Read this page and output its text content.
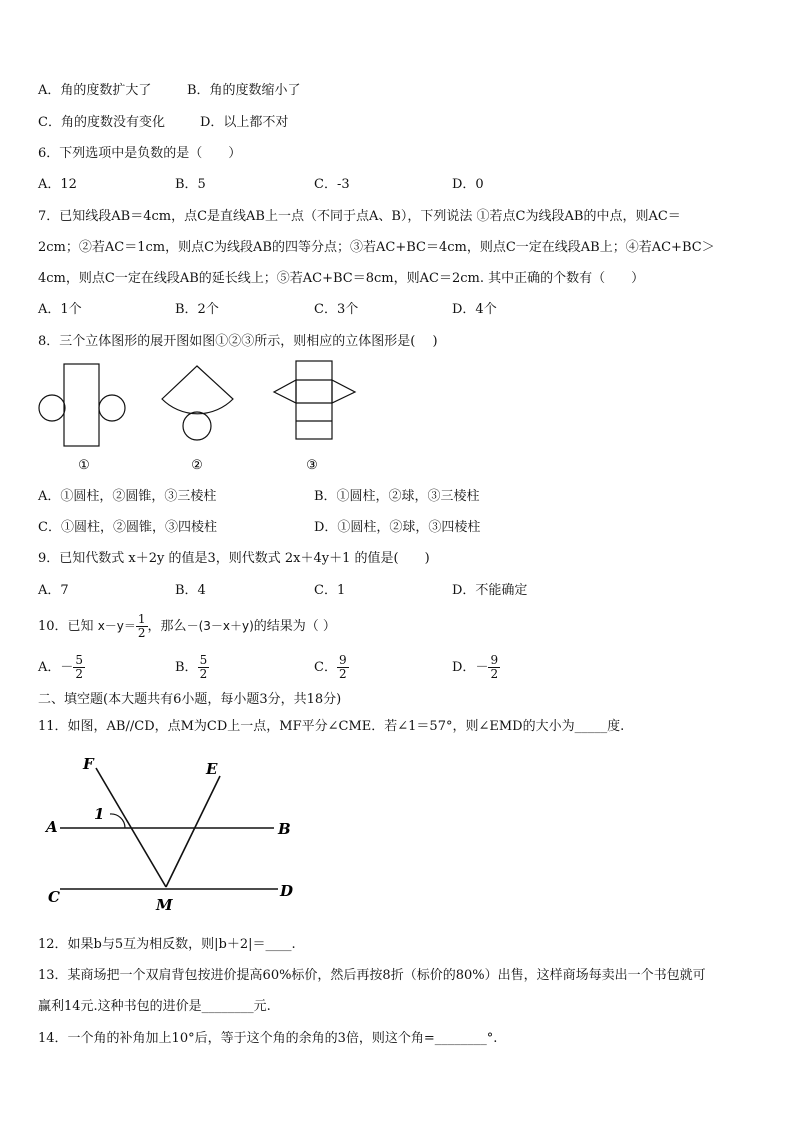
A．角的度数扩大了	B．角的度数缩小了
C．角的度数没有变化	D．以上都不对
6．下列选项中是负数的是（　　）
A．12	B．5	C．-3	D．0
7．已知线段AB＝4cm，点C是直线AB上一点（不同于点A、B），下列说法 ①若点C为线段AB的中点，则AC＝
2cm；②若AC＝1cm，则点C为线段AB的四等分点；③若AC+BC＝4cm，则点C一定在线段AB上；④若AC+BC＞
4cm，则点C一定在线段AB的延长线上；⑤若AC+BC＝8cm，则AC＝2cm. 其中正确的个数有（　　）
A．1个	B．2个	C．3个	D．4个
8．三个立体图形的展开图如图①②③所示，则相应的立体图形是(　 )
①	②	③
A．①圆柱，②圆锥，③三棱柱	B．①圆柱，②球，③三棱柱
C．①圆柱，②圆锥，③四棱柱	D．①圆柱，②球，③四棱柱
9．已知代数式 x＋2y 的值是3，则代数式 2x＋4y＋1 的值是(　　)
A．7	B．4	C．1	D．不能确定
10．已知 $x-y= \frac{1}{2}$ ，那么－(3－x＋y)的结果为（ ）
A．－ $\frac{5}{2}$	B． $\frac{5}{2}$	C． $\frac{9}{2}$	D．－ $\frac{9}{2}$
二、填空题(本大题共有6小题，每小题3分，共18分)
11．如图，AB//CD，点M为CD上一点，MF平分∠CME．若∠1＝57°，则∠EMD的大小为_____度.
F	E
1
A	B
C	D
M
12．如果b与5互为相反数，则|b＋2|＝____.
13．某商场把一个双肩背包按进价提高60%标价，然后再按8折（标价的80%）出售，这样商场每卖出一个书包就可
赢利14元.这种书包的进价是________元.
14．一个角的补角加上10°后，等于这个角的余角的3倍，则这个角=________°.
